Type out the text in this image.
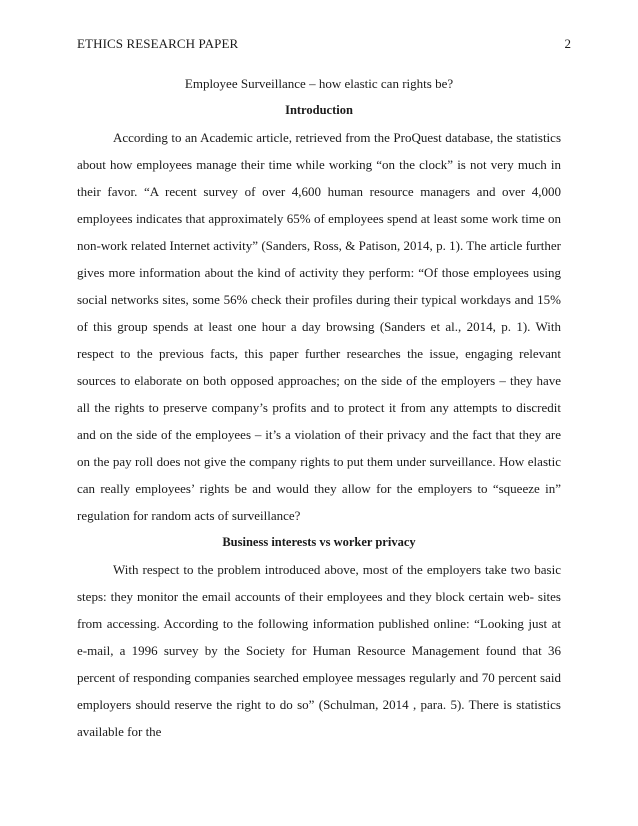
ETHICS RESEARCH PAPER	2

Employee Surveillance – how elastic can rights be?

Introduction

According to an Academic article, retrieved from the ProQuest database, the statistics about how employees manage their time while working “on the clock” is not very much in their favor. “A recent survey of over 4,600 human resource managers and over 4,000 employees indicates that approximately 65% of employees spend at least some work time on non-work related Internet activity” (Sanders, Ross, & Patison, 2014, p. 1). The article further gives more information about the kind of activity they perform: “Of those employees using social networks sites, some 56% check their profiles during their typical workdays and 15% of this group spends at least one hour a day browsing (Sanders et al., 2014, p. 1). With respect to the previous facts, this paper further researches the issue, engaging relevant sources to elaborate on both opposed approaches; on the side of the employers – they have all the rights to preserve company’s profits and to protect it from any attempts to discredit and on the side of the employees – it’s a violation of their privacy and the fact that they are on the pay roll does not give the company rights to put them under surveillance. How elastic can really employees’ rights be and would they allow for the employers to “squeeze in” regulation for random acts of surveillance?

Business interests vs worker privacy

With respect to the problem introduced above, most of the employers take two basic steps: they monitor the email accounts of their employees and they block certain web- sites from accessing. According to the following information published online: “Looking just at e-mail, a 1996 survey by the Society for Human Resource Management found that 36 percent of responding companies searched employee messages regularly and 70 percent said employers should reserve the right to do so” (Schulman, 2014 , para. 5). There is statistics available for the
